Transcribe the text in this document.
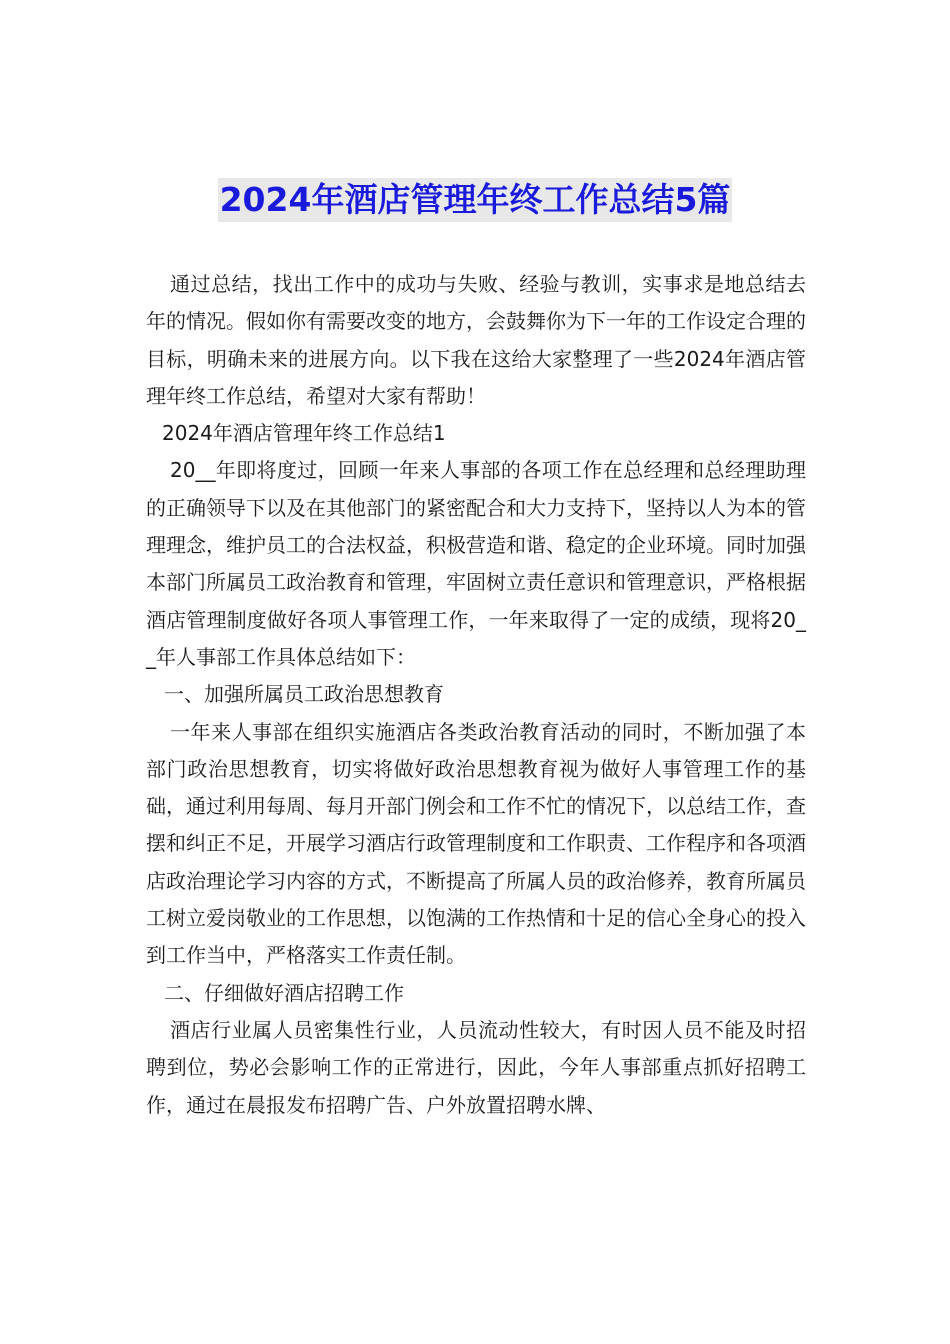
2024年酒店管理年终工作总结5篇

通过总结，找出工作中的成功与失败、经验与教训，实事求是地总结去年的情况。假如你有需要改变的地方，会鼓舞你为下一年的工作设定合理的目标，明确未来的进展方向。以下我在这给大家整理了一些2024年酒店管理年终工作总结，希望对大家有帮助！

2024年酒店管理年终工作总结1

20__年即将度过，回顾一年来人事部的各项工作在总经理和总经理助理的正确领导下以及在其他部门的紧密配合和大力支持下，坚持以人为本的管理理念，维护员工的合法权益，积极营造和谐、稳定的企业环境。同时加强本部门所属员工政治教育和管理，牢固树立责任意识和管理意识，严格根据酒店管理制度做好各项人事管理工作，一年来取得了一定的成绩，现将20__年人事部工作具体总结如下：

一、加强所属员工政治思想教育

一年来人事部在组织实施酒店各类政治教育活动的同时，不断加强了本部门政治思想教育，切实将做好政治思想教育视为做好人事管理工作的基础，通过利用每周、每月开部门例会和工作不忙的情况下，以总结工作，查摆和纠正不足，开展学习酒店行政管理制度和工作职责、工作程序和各项酒店政治理论学习内容的方式，不断提高了所属人员的政治修养，教育所属员工树立爱岗敬业的工作思想，以饱满的工作热情和十足的信心全身心的投入到工作当中，严格落实工作责任制。

二、仔细做好酒店招聘工作

酒店行业属人员密集性行业，人员流动性较大，有时因人员不能及时招聘到位，势必会影响工作的正常进行，因此，今年人事部重点抓好招聘工作，通过在晨报发布招聘广告、户外放置招聘水牌、
